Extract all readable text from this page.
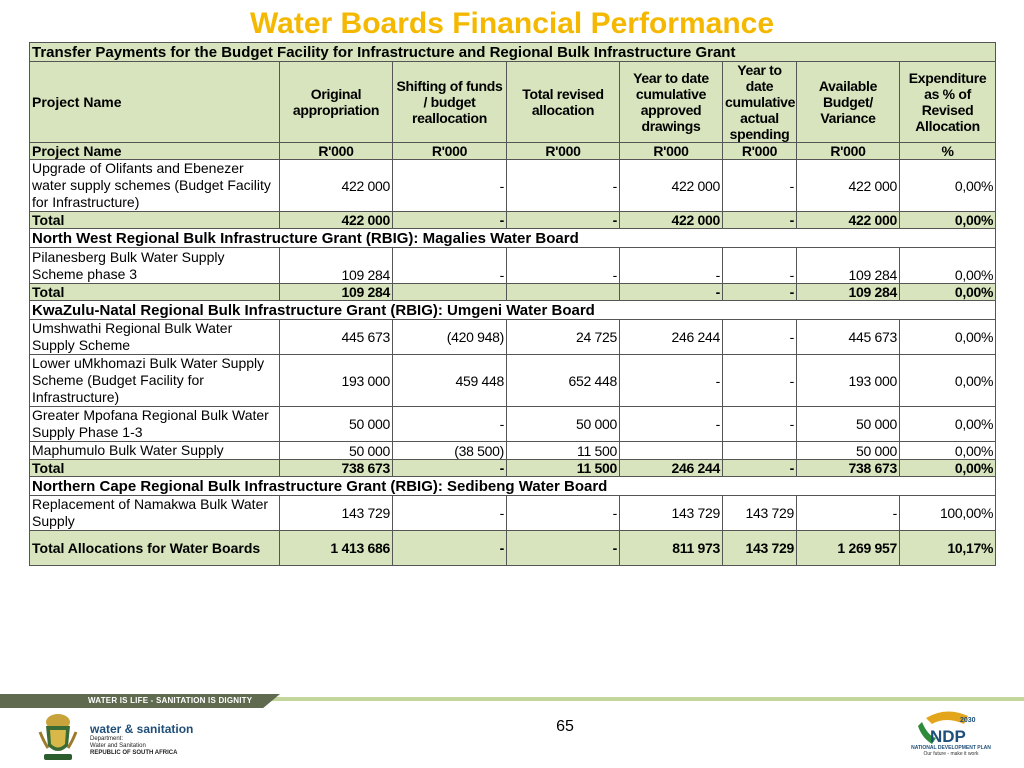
Water Boards Financial Performance
Transfer Payments for the Budget Facility for Infrastructure and Regional Bulk Infrastructure Grant							
Project Name	Original appropriation	Shifting of funds / budget reallocation	Total revised allocation	Year to date cumulative approved drawings	Year to date cumulative actual spending	Available Budget/ Variance	Expenditure as % of Revised Allocation
Project Name	R'000	R'000	R'000	R'000	R'000	R'000	%
Upgrade of Olifants and Ebenezer water supply schemes (Budget Facility for Infrastructure)	422 000	-	-	422 000	-	422 000	0,00%
Total	422 000	-	-	422 000	-	422 000	0,00%
North West Regional Bulk Infrastructure Grant (RBIG): Magalies Water Board							
Pilanesberg Bulk Water Supply Scheme phase 3	109 284	-	-	-	-	109 284	0,00%
Total	109 284			-	-	109 284	0,00%
KwaZulu-Natal Regional Bulk Infrastructure Grant (RBIG): Umgeni Water Board							
Umshwathi Regional Bulk Water Supply Scheme	445 673	(420 948)	24 725	246 244	-	445 673	0,00%
Lower uMkhomazi Bulk Water Supply Scheme (Budget Facility for Infrastructure)	193 000	459 448	652 448	-	-	193 000	0,00%
Greater Mpofana Regional Bulk Water Supply Phase 1-3	50 000	-	50 000	-	-	50 000	0,00%
Maphumulo Bulk Water Supply	50 000	(38 500)	11 500			50 000	0,00%
Total	738 673	-	11 500	246 244	-	738 673	0,00%
Northern Cape Regional Bulk Infrastructure Grant (RBIG): Sedibeng Water Board							
Replacement of Namakwa Bulk Water Supply	143 729	-	-	143 729	143 729	-	100,00%
Total Allocations for Water Boards	1 413 686	-	-	811 973	143 729	1 269 957	10,17%
WATER IS LIFE - SANITATION IS DIGNITY
65
water & sanitation
Department:
Water and Sanitation
REPUBLIC OF SOUTH AFRICA
2030
NDP
NATIONAL DEVELOPMENT PLAN
Our future - make it work
